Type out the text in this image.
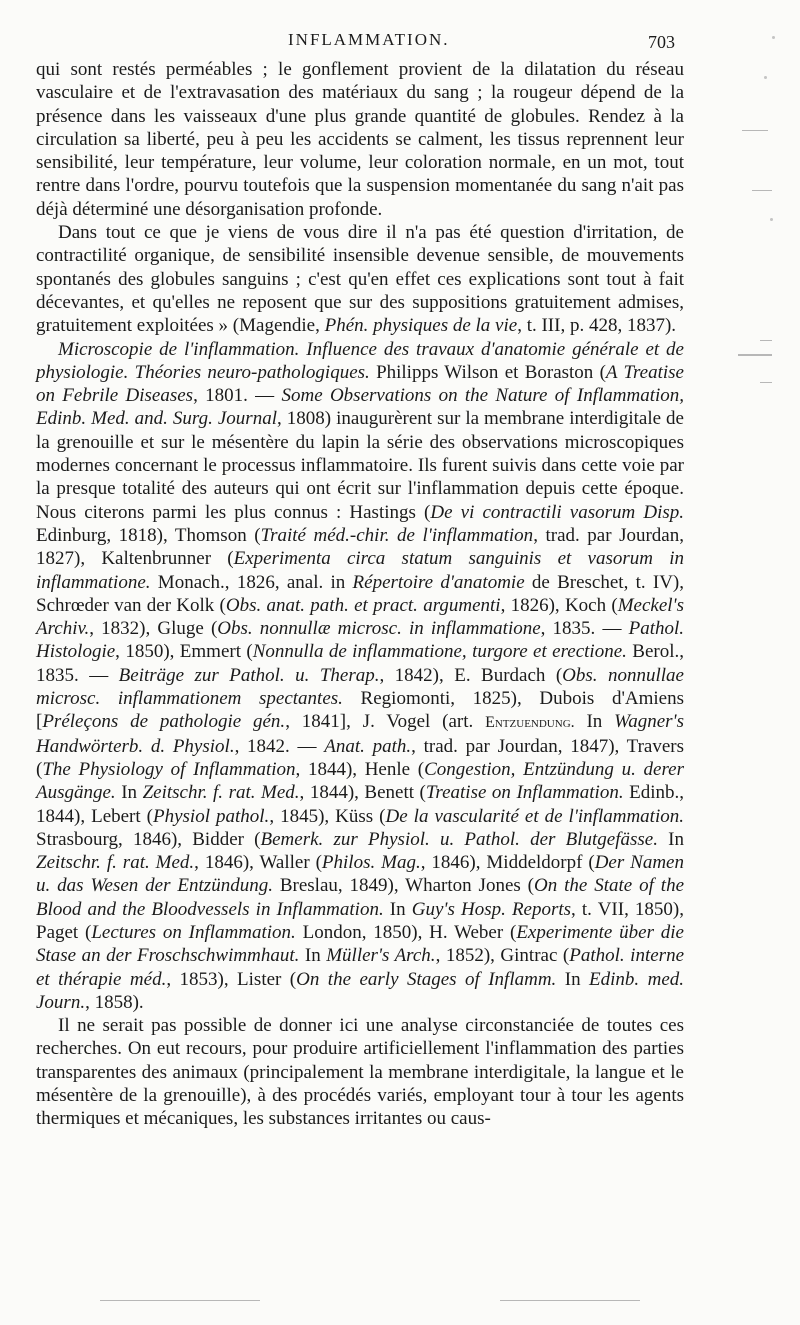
INFLAMMATION.	703

qui sont restés perméables ; le gonflement provient de la dilatation du réseau vasculaire et de l'extravasation des matériaux du sang ; la rougeur dépend de la présence dans les vaisseaux d'une plus grande quantité de globules. Rendez à la circulation sa liberté, peu à peu les accidents se calment, les tissus reprennent leur sensibilité, leur température, leur volume, leur coloration normale, en un mot, tout rentre dans l'ordre, pourvu toutefois que la suspension momentanée du sang n'ait pas déjà déterminé une désorganisation profonde.

Dans tout ce que je viens de vous dire il n'a pas été question d'irritation, de contractilité organique, de sensibilité insensible devenue sensible, de mouvements spontanés des globules sanguins ; c'est qu'en effet ces explications sont tout à fait décevantes, et qu'elles ne reposent que sur des suppositions gratuitement admises, gratuitement exploitées » (Magendie, Phén. physiques de la vie, t. III, p. 428, 1837).

Microscopie de l'inflammation. Influence des travaux d'anatomie générale et de physiologie. Théories neuro-pathologiques. Philipps Wilson et Boraston (A Treatise on Febrile Diseases, 1801. — Some Observations on the Nature of Inflammation, Edinb. Med. and. Surg. Journal, 1808) inaugurèrent sur la membrane interdigitale de la grenouille et sur le mésentère du lapin la série des observations microscopiques modernes concernant le processus inflammatoire. Ils furent suivis dans cette voie par la presque totalité des auteurs qui ont écrit sur l'inflammation depuis cette époque. Nous citerons parmi les plus connus : Hastings (De vi contractili vasorum Disp. Edinburg, 1818), Thomson (Traité méd.-chir. de l'inflammation, trad. par Jourdan, 1827), Kaltenbrunner (Experimenta circa statum sanguinis et vasorum in inflammatione. Monach., 1826, anal. in Répertoire d'anatomie de Breschet, t. IV), Schrœder van der Kolk (Obs. anat. path. et pract. argumenti, 1826), Koch (Meckel's Archiv., 1832), Gluge (Obs. nonnullæ microsc. in inflammatione, 1835. — Pathol. Histologie, 1850), Emmert (Nonnulla de inflammatione, turgore et erectione. Berol., 1835. — Beiträge zur Pathol. u. Therap., 1842), E. Burdach (Obs. nonnullae microsc. inflammationem spectantes. Regiomonti, 1825), Dubois d'Amiens [Préleçons de pathologie gén., 1841], J. Vogel (art. Entzuendung. In Wagner's Handwörterb. d. Physiol., 1842. — Anat. path., trad. par Jourdan, 1847), Travers (The Physiology of Inflammation, 1844), Henle (Congestion, Entzündung u. derer Ausgänge. In Zeitschr. f. rat. Med., 1844), Benett (Treatise on Inflammation. Edinb., 1844), Lebert (Physiol pathol., 1845), Küss (De la vascularité et de l'inflammation. Strasbourg, 1846), Bidder (Bemerk. zur Physiol. u. Pathol. der Blutgefässe. In Zeitschr. f. rat. Med., 1846), Waller (Philos. Mag., 1846), Middeldorpf (Der Namen u. das Wesen der Entzündung. Breslau, 1849), Wharton Jones (On the State of the Blood and the Bloodvessels in Inflammation. In Guy's Hosp. Reports, t. VII, 1850), Paget (Lectures on Inflammation. London, 1850), H. Weber (Experimente über die Stase an der Froschschwimmhaut. In Müller's Arch., 1852), Gintrac (Pathol. interne et thérapie méd., 1853), Lister (On the early Stages of Inflamm. In Edinb. med. Journ., 1858).

Il ne serait pas possible de donner ici une analyse circonstanciée de toutes ces recherches. On eut recours, pour produire artificiellement l'inflammation des parties transparentes des animaux (principalement la membrane interdigitale, la langue et le mésentère de la grenouille), à des procédés variés, employant tour à tour les agents thermiques et mécaniques, les substances irritantes ou caus-
